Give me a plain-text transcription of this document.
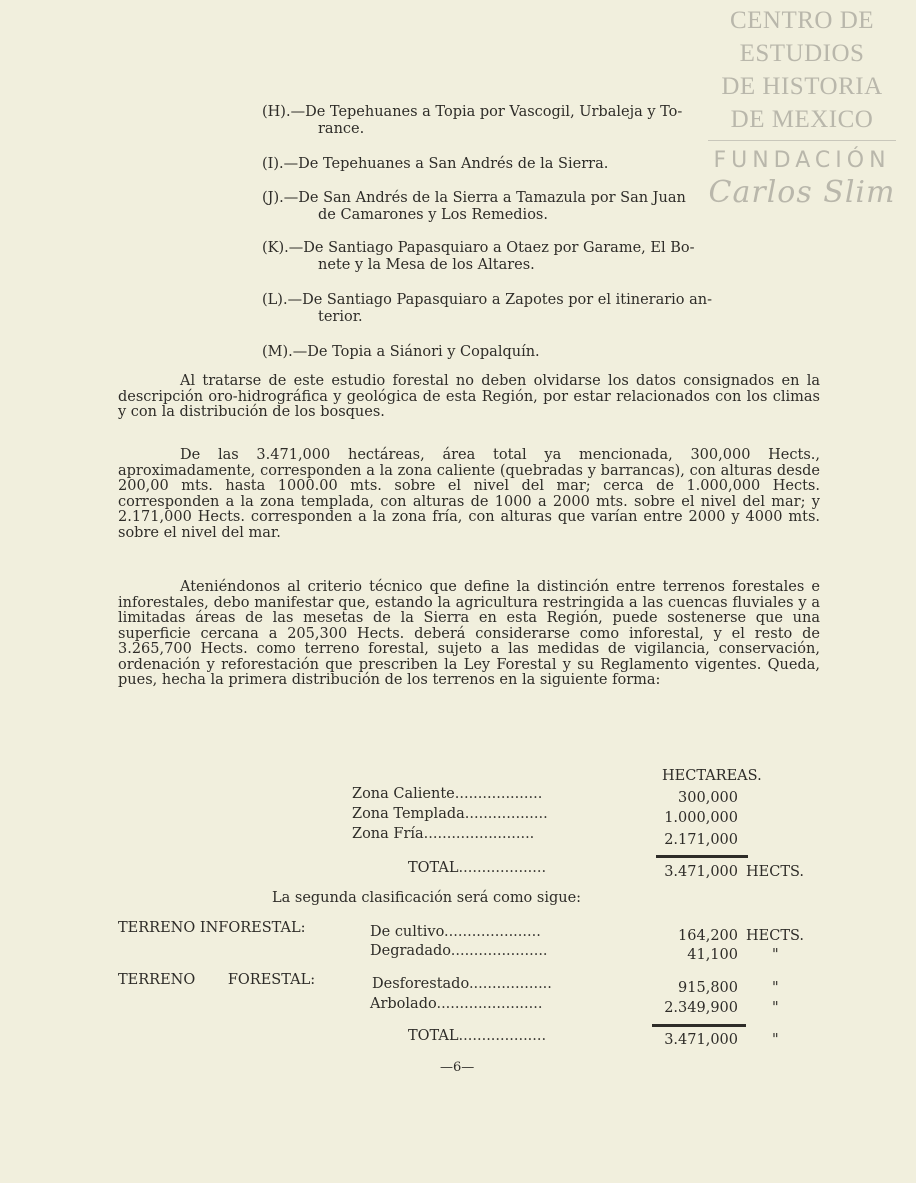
CENTRO DE
ESTUDIOS
DE HISTORIA
DE MEXICO
FUNDACIÓN
Carlos Slim
(H).—De Tepehuanes a Topia por Vascogil, Urbaleja y To-
rance.
(I).—De Tepehuanes a San Andrés de la Sierra.
(J).—De San Andrés de la Sierra a Tamazula por San Juan
de Camarones y Los Remedios.
(K).—De Santiago Papasquiaro a Otaez por Garame, El Bo-
nete y la Mesa de los Altares.
(L).—De Santiago Papasquiaro a Zapotes por el itinerario an-
terior.
(M).—De Topia a Siánori y Copalquín.
Al tratarse de este estudio forestal no deben olvidarse los datos consignados en la descripción oro-hidrográfica y geológica de esta Región, por estar relacionados con los climas y con la distribución de los bosques.
De las 3.471,000 hectáreas, área total ya mencionada, 300,000 Hects., aproximadamente, corresponden a la zona caliente (quebradas y barrancas), con alturas desde 200,00 mts. hasta 1000.00 mts. sobre el nivel del mar; cerca de 1.000,000 Hects. corresponden a la zona templada, con alturas de 1000 a 2000 mts. sobre el nivel del mar; y 2.171,000 Hects. corresponden a la zona fría, con alturas que varían entre 2000 y 4000 mts. sobre el nivel del mar.
Ateniéndonos al criterio técnico que define la distinción entre terrenos forestales e inforestales, debo manifestar que, estando la agricultura restringida a las cuencas fluviales y a limitadas áreas de las mesetas de la Sierra en esta Región, puede sostenerse que una superficie cercana a 205,300 Hects. deberá considerarse como inforestal, y el resto de 3.265,700 Hects. como terreno forestal, sujeto a las medidas de vigilancia, conservación, ordenación y reforestación que prescriben la Ley Forestal y su Reglamento vigentes. Queda, pues, hecha la primera distribución de los terrenos en la siguiente forma:
HECTAREAS.
Zona Caliente...................	300,000
Zona Templada..................	1.000,000
Zona Fría........................	2.171,000
TOTAL...................	3.471,000 HECTS.
La segunda clasificación será como sigue:
TERRENO INFORESTAL:	De cultivo.....................	164,200 HECTS.
Degradado.....................	41,100 "
TERRENO FORESTAL:	Desforestado..................	915,800 "
Arbolado.......................	2.349,900 "
TOTAL...................	3.471,000 "
—6—
